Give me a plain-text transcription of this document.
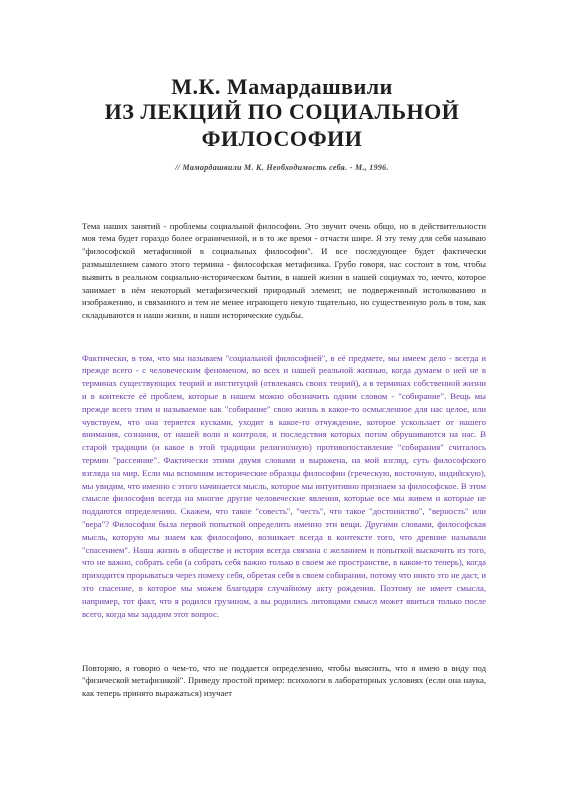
М.К. Мамардашвили
ИЗ ЛЕКЦИЙ ПО СОЦИАЛЬНОЙ
ФИЛОСОФИИ
// Мамардашвили М. К. Необходимость себя. - М., 1996.

Тема наших занятий - проблемы социальной философии. Это звучит очень общо, но в действительности моя тема будет гораздо более ограниченной, и в то же время - отчасти шире. Я эту тему для себя называю "философской метафизикой в социальных философии". И все последующее будет фактически размышлением самого этого термина - философская метафизика. Грубо говоря, нас состоит в том, чтобы выявить в реальном социально-историческом бытии, в нашей жизни в нашей социумах то, нечто, которое занимает в нём некоторый метафизический природный элемент, не подверженный истолкованию и изображению, и связанного и тем не менее играющего некую тщательно, но существенную роль в том, как складываются и наши жизни, и наши исторические судьбы.

Фактически, в том, что мы называем "социальной философией", в её предмете, мы имеем дело - всегда и прежде всего - с человеческим феноменом, во всех и нашей реальной жизнью, когда думаем о ней не в терминах существующих теорий и институций (отвлекаясь своих теорий), а в терминах собственной жизни и в контексте её проблем, которые в нашем можно обозначить одним словом - "собирание". Вещь мы прежде всего этим и называемое как "собирание" свою жизнь в какое-то осмысленное для нас целое, или чувствуем, что она теряется кусками, уходит в какое-то отчуждение, которое ускользает от нашего внимания, сознания, от нашей воли и контроля, и последствия которых потом обрушиваются на нас. В старой традиции (и какое в этой традиции религиозную) противопоставление "собирания" считалось термин "рассеяние". Фактически этими двумя словами и выражена, на мой взгляд, суть философского взгляда на мир. Если мы вспомним исторические образцы философии (греческую, восточную, индийскую), мы увидим, что именно с этого начинается мысль, которое мы интуитивно признаем за философское. В этом смысле философия всегда на многие другие человеческие явления, которые все мы живем и которые не поддаются определению. Скажем, что такое "совесть", "честь", что такое "достоинство", "верность" или "вера"? Философия была первой попыткой определить именно эти вещи. Другими словами, философская мысль, которую мы знаем как философию, возникает всегда в контексте того, что древние называли "спасением". Наша жизнь в обществе и история всегда связана с желанием и попыткой выскочить из того, что не важно, собрать себя (а собрать себя важно только в своем же пространстве, в каком-то теперь), когда приходится прорываться через помеху себя, обретая себя в своем собирании, потому что никто это не даст, и это спасение, в которое мы можем благодаря случайному акту рождения. Поэтому не имеет смысла, например, тот факт, что я родился грузином, а вы родились литовцами смысл может явиться только после всего, когда мы зададим этот вопрос.

Повторяю, я говорю о чем-то, что не поддается определению, чтобы выяснить, что я имею в виду под "физической метафизикой". Приведу простой пример: психологи в лабораторных условиях (если она наука, как теперь принято выражаться) изучает
